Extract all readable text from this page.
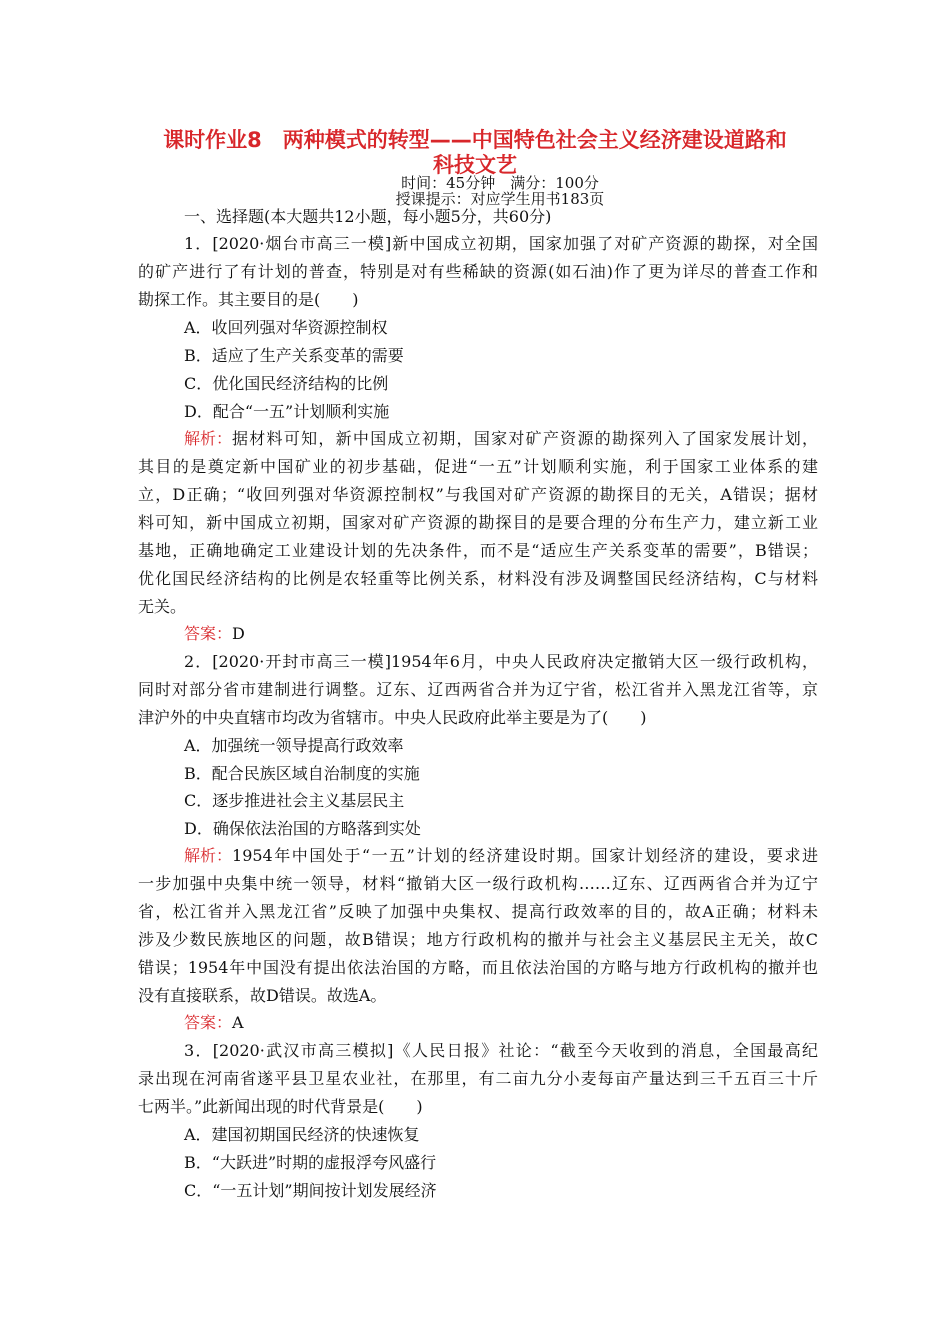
课时作业8　两种模式的转型——中国特色社会主义经济建设道路和
科技文艺
时间：45分钟　满分：100分
授课提示：对应学生用书183页
一、选择题(本大题共12小题，每小题5分，共60分)
1．[2020·烟台市高三一模]新中国成立初期，国家加强了对矿产资源的勘探，对全国
的矿产进行了有计划的普查，特别是对有些稀缺的资源(如石油)作了更为详尽的普查工作和
勘探工作。其主要目的是(　　)
A．收回列强对华资源控制权
B．适应了生产关系变革的需要
C．优化国民经济结构的比例
D．配合“一五”计划顺利实施
解析： 据材料可知，新中国成立初期，国家对矿产资源的勘探列入了国家发展计划，
其目的是奠定新中国矿业的初步基础，促进“一五”计划顺利实施，利于国家工业体系的建
立，D正确；“收回列强对华资源控制权”与我国对矿产资源的勘探目的无关，A错误；据材
料可知，新中国成立初期，国家对矿产资源的勘探目的是要合理的分布生产力，建立新工业
基地，正确地确定工业建设计划的先决条件，而不是“适应生产关系变革的需要”，B错误；
优化国民经济结构的比例是农轻重等比例关系，材料没有涉及调整国民经济结构，C与材料
无关。
答案：D
2．[2020·开封市高三一模]1954年6月，中央人民政府决定撤销大区一级行政机构，
同时对部分省市建制进行调整。辽东、辽西两省合并为辽宁省，松江省并入黑龙江省等，京
津沪外的中央直辖市均改为省辖市。中央人民政府此举主要是为了(　　)
A．加强统一领导提高行政效率
B．配合民族区域自治制度的实施
C．逐步推进社会主义基层民主
D．确保依法治国的方略落到实处
解析： 1954年中国处于“一五”计划的经济建设时期。国家计划经济的建设，要求进
一步加强中央集中统一领导，材料“撤销大区一级行政机构……辽东、辽西两省合并为辽宁
省，松江省并入黑龙江省”反映了加强中央集权、提高行政效率的目的，故A正确；材料未
涉及少数民族地区的问题，故B错误；地方行政机构的撤并与社会主义基层民主无关，故C
错误；1954年中国没有提出依法治国的方略，而且依法治国的方略与地方行政机构的撤并也
没有直接联系，故D错误。故选A。
答案：A
3．[2020·武汉市高三模拟]《人民日报》社论：“截至今天收到的消息，全国最高纪
录出现在河南省遂平县卫星农业社，在那里，有二亩九分小麦每亩产量达到三千五百三十斤
七两半。”此新闻出现的时代背景是(　　)
A．建国初期国民经济的快速恢复
B．“大跃进”时期的虚报浮夸风盛行
C．“一五计划”期间按计划发展经济
